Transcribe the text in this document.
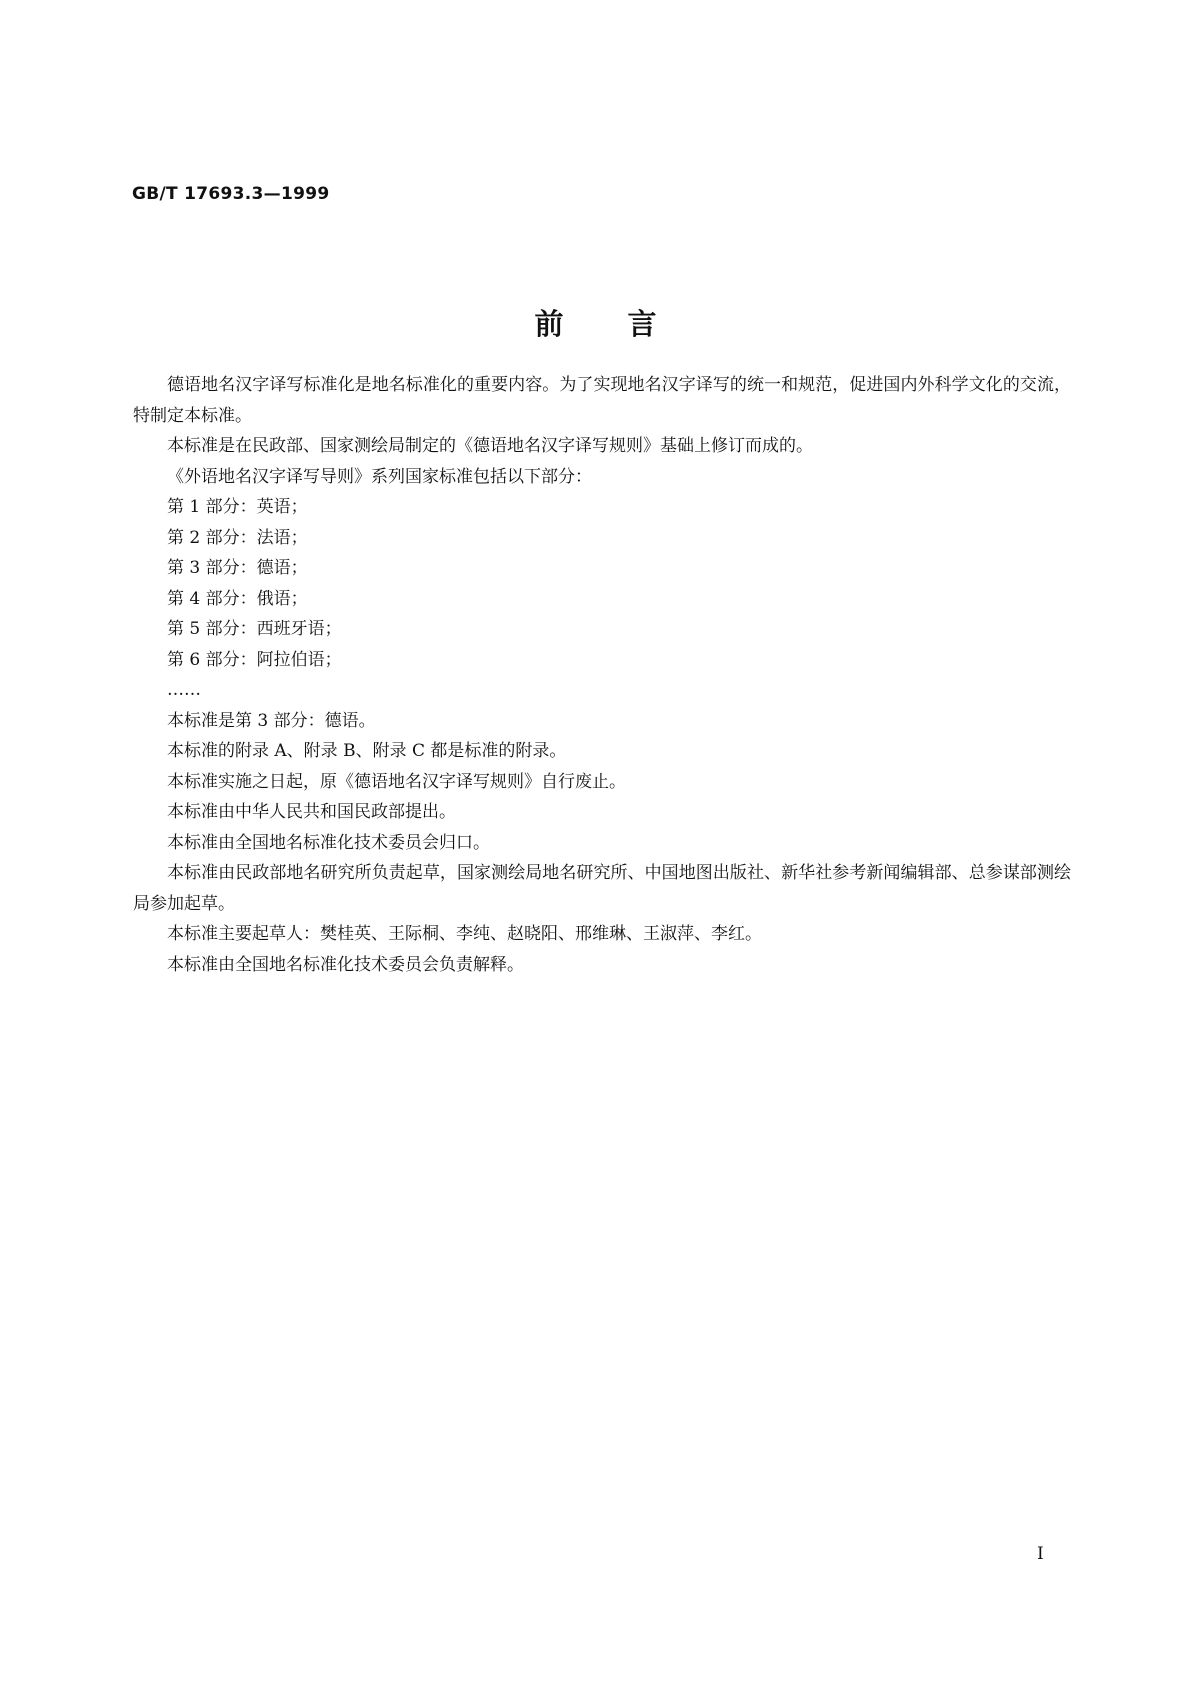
GB/T 17693.3—1999
前言

德语地名汉字译写标准化是地名标准化的重要内容。为了实现地名汉字译写的统一和规范，促进国内外科学文化的交流，特制定本标准。

本标准是在民政部、国家测绘局制定的《德语地名汉字译写规则》基础上修订而成的。

《外语地名汉字译写导则》系列国家标准包括以下部分：

第 1 部分：英语；

第 2 部分：法语；

第 3 部分：德语；

第 4 部分：俄语；

第 5 部分：西班牙语；

第 6 部分：阿拉伯语；

……

本标准是第 3 部分：德语。

本标准的附录 A、附录 B、附录 C 都是标准的附录。

本标准实施之日起，原《德语地名汉字译写规则》自行废止。

本标准由中华人民共和国民政部提出。

本标准由全国地名标准化技术委员会归口。

本标准由民政部地名研究所负责起草，国家测绘局地名研究所、中国地图出版社、新华社参考新闻编辑部、总参谋部测绘局参加起草。

本标准主要起草人：樊桂英、王际桐、李纯、赵晓阳、邢维琳、王淑萍、李红。

本标准由全国地名标准化技术委员会负责解释。

I
